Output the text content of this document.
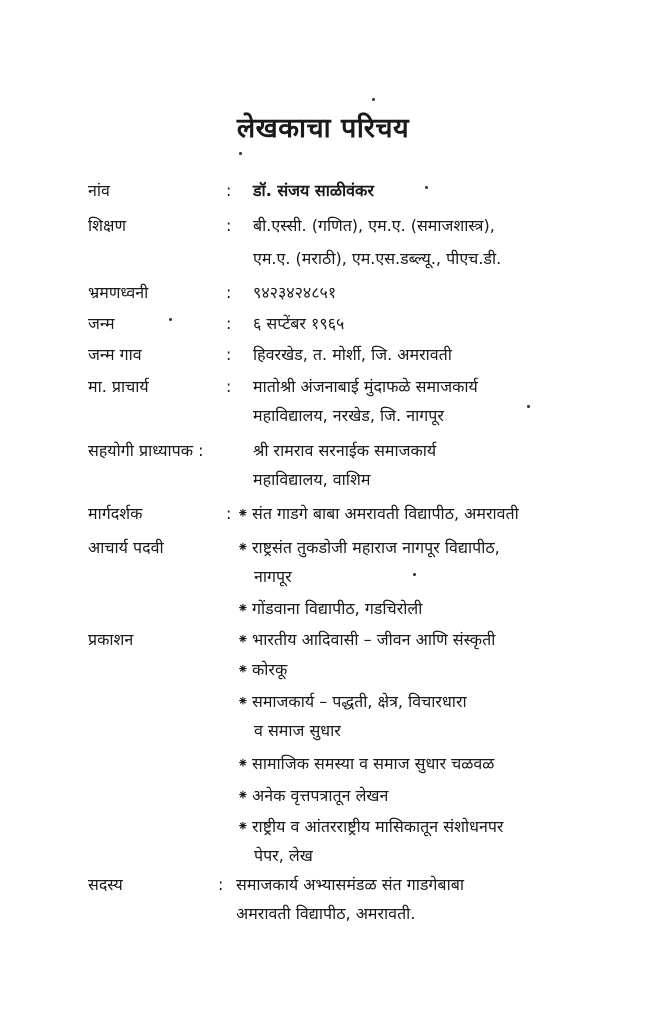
लेखकाचा परिचय
नांव	: डॉ. संजय साळीवंकर
शिक्षण	: बी.एस्सी. (गणित), एम.ए. (समाजशास्त्र),
एम.ए. (मराठी), एम.एस.डब्ल्यू., पीएच.डी.
भ्रमणध्वनी	: ९४२३४२४८५१
जन्म	: ६ सप्टेंबर १९६५
जन्म गाव	: हिवरखेड, त. मोर्शी, जि. अमरावती
मा. प्राचार्य	: मातोश्री अंजनाबाई मुंदाफळे समाजकार्य
महाविद्यालय, नरखेड, जि. नागपूर
सहयोगी प्राध्यापक :	श्री रामराव सरनाईक समाजकार्य
महाविद्यालय, वाशिम
मार्गदर्शक	: ⁕ संत गाडगे बाबा अमरावती विद्यापीठ, अमरावती
आचार्य पदवी	⁕ राष्ट्रसंत तुकडोजी महाराज नागपूर विद्यापीठ,
नागपूर
⁕ गोंडवाना विद्यापीठ, गडचिरोली
प्रकाशन	⁕ भारतीय आदिवासी – जीवन आणि संस्कृती
⁕ कोरकू
⁕ समाजकार्य – पद्धती, क्षेत्र, विचारधारा
व समाज सुधार
⁕ सामाजिक समस्या व समाज सुधार चळवळ
⁕ अनेक वृत्तपत्रातून लेखन
⁕ राष्ट्रीय व आंतरराष्ट्रीय मासिकातून संशोधनपर
पेपर, लेख
सदस्य	: समाजकार्य अभ्यासमंडळ संत गाडगेबाबा
अमरावती विद्यापीठ, अमरावती.
